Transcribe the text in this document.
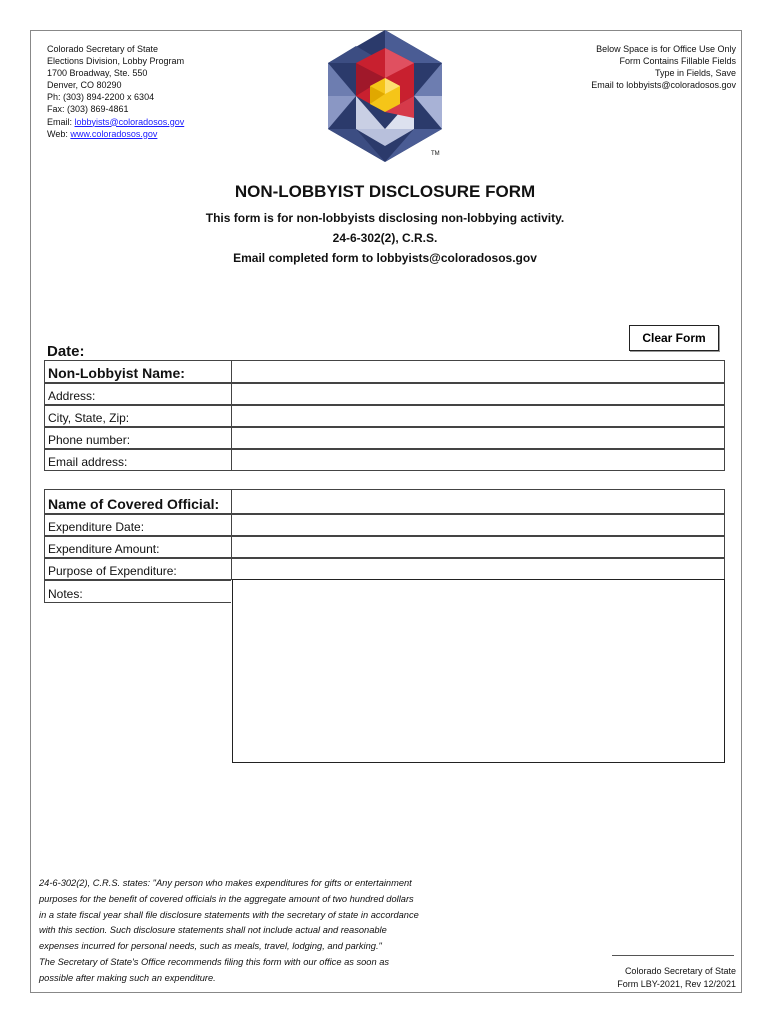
Colorado Secretary of State
Elections Division, Lobby Program
1700 Broadway, Ste. 550
Denver, CO 80290
Ph: (303) 894-2200 x 6304
Fax: (303) 869-4861
Email: lobbyists@coloradosos.gov
Web: www.coloradosos.gov
TM
Below Space is for Office Use Only
Form Contains Fillable Fields
Type in Fields, Save
Email to lobbyists@coloradosos.gov
NON-LOBBYIST DISCLOSURE FORM
This form is for non-lobbyists disclosing non-lobbying activity.
24-6-302(2), C.R.S.
Email completed form to lobbyists@coloradosos.gov
Clear Form
Date:
Non-Lobbyist Name:
Address:
City, State, Zip:
Phone number:
Email address:
Name of Covered Official:
Expenditure Date:
Expenditure Amount:
Purpose of Expenditure:
Notes:
24-6-302(2), C.R.S. states: "Any person who makes expenditures for gifts or entertainment
purposes for the benefit of covered officials in the aggregate amount of two hundred dollars
in a state fiscal year shall file disclosure statements with the secretary of state in accordance
with this section. Such disclosure statements shall not include actual and reasonable
expenses incurred for personal needs, such as meals, travel, lodging, and parking."
The Secretary of State's Office recommends filing this form with our office as soon as
possible after making such an expenditure.
Colorado Secretary of State
Form LBY-2021, Rev 12/2021
